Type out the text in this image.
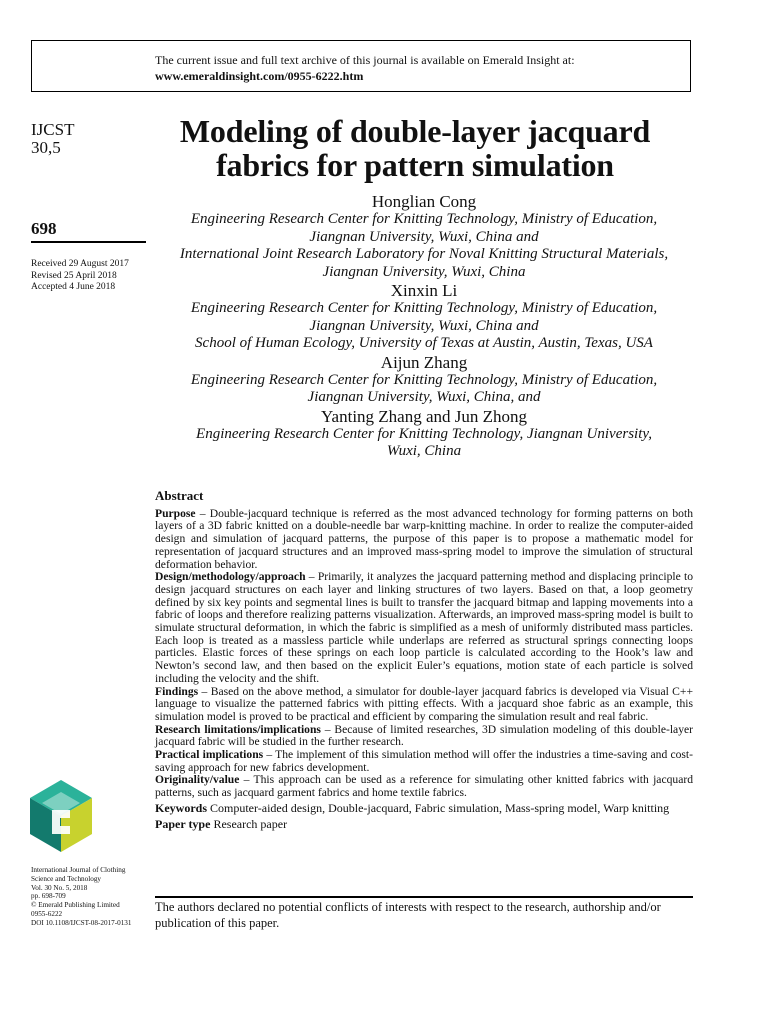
The current issue and full text archive of this journal is available on Emerald Insight at:
www.emeraldinsight.com/0955-6222.htm
IJCST
30,5
698
Received 29 August 2017
Revised 25 April 2018
Accepted 4 June 2018
Modeling of double-layer jacquard
fabrics for pattern simulation
Honglian Cong
Engineering Research Center for Knitting Technology, Ministry of Education,
Jiangnan University, Wuxi, China and
International Joint Research Laboratory for Noval Knitting Structural Materials,
Jiangnan University, Wuxi, China
Xinxin Li
Engineering Research Center for Knitting Technology, Ministry of Education,
Jiangnan University, Wuxi, China and
School of Human Ecology, University of Texas at Austin, Austin, Texas, USA
Aijun Zhang
Engineering Research Center for Knitting Technology, Ministry of Education,
Jiangnan University, Wuxi, China, and
Yanting Zhang and Jun Zhong
Engineering Research Center for Knitting Technology, Jiangnan University,
Wuxi, China
Abstract

Purpose – Double-jacquard technique is referred as the most advanced technology for forming patterns on both layers of a 3D fabric knitted on a double-needle bar warp-knitting machine. In order to realize the computer-aided design and simulation of jacquard patterns, the purpose of this paper is to propose a mathematic model for representation of jacquard structures and an improved mass-spring model to improve the simulation of structural deformation behavior.

Design/methodology/approach – Primarily, it analyzes the jacquard patterning method and displacing principle to design jacquard structures on each layer and linking structures of two layers. Based on that, a loop geometry defined by six key points and segmental lines is built to transfer the jacquard bitmap and lapping movements into a fabric of loops and therefore realizing patterns visualization. Afterwards, an improved mass-spring model is built to simulate structural deformation, in which the fabric is simplified as a mesh of uniformly distributed mass particles. Each loop is treated as a massless particle while underlaps are referred as structural springs connecting loops particles. Elastic forces of these springs on each loop particle is calculated according to the Hook’s law and Newton’s second law, and then based on the explicit Euler’s equations, motion state of each particle is solved including the velocity and the shift.

Findings – Based on the above method, a simulator for double-layer jacquard fabrics is developed via Visual C++ language to visualize the patterned fabrics with pitting effects. With a jacquard shoe fabric as an example, this simulation model is proved to be practical and efficient by comparing the simulation result and real fabric.

Research limitations/implications – Because of limited researches, 3D simulation modeling of this double-layer jacquard fabric will be studied in the further research.

Practical implications – The implement of this simulation method will offer the industries a time-saving and cost-saving approach for new fabrics development.

Originality/value – This approach can be used as a reference for simulating other knitted fabrics with jacquard patterns, such as jacquard garment fabrics and home textile fabrics.

Keywords Computer-aided design, Double-jacquard, Fabric simulation, Mass-spring model, Warp knitting

Paper type Research paper

The authors declared no potential conflicts of interests with respect to the research, authorship and/or publication of this paper.
International Journal of Clothing
Science and Technology
Vol. 30 No. 5, 2018
pp. 698-709
© Emerald Publishing Limited
0955-6222
DOI 10.1108/IJCST-08-2017-0131
